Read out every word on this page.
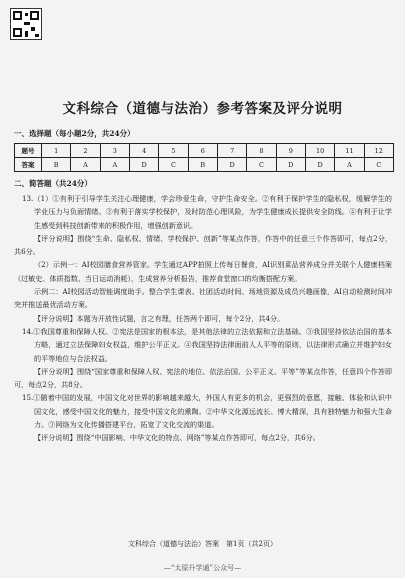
文科综合（道德与法治）参考答案及评分说明
一、选择题（每小题2分，共24分）
题号	1	2	3	4	5	6	7	8	9	10	11	12
答案	B	A	A	D	C	B	D	C	D	D	A	C
二、简答题（共24分）

13.（1）①有利于引导学生关注心理健康，学会珍爱生命，守护生命安全。②有利于保护学生的隐私权，缓解学生的学业压力与负面情绪。③有利于落实学校保护，及时防范心理风险，为学生健康成长提供安全防线。④有利于让学生感受到科技创新带来的积极作用，增强创新意识。

【评分说明】围绕“生命、隐私权、情绪、学校保护、创新”等某点作答，作答中的任意三个作答即可，每点2分，共6分。

（2）示例一：AI校园膳食营养管家。学生通过APP拍照上传每日餐食，AI识别菜品营养成分并关联个人健康档案（过敏史、体质指数、当日运动消耗），生成营养分析报告，推荐食堂窗口的均衡搭配方案。

示例二：AI校园活动智能调度助手。整合学生课表、社团活动时间、场地资源及成员兴趣画像，AI自动检测时间冲突并推送最优活动方案。

【评分说明】本题为开放性试题，言之有理，任答两个即可，每个2分，共4分。

14.①我国尊重和保障人权。②宪法是国家的根本法，是其他法律的立法依据和立法基础。③我国坚持依法治国的基本方略，通过立法保障妇女权益，维护公平正义。④我国坚持法律面前人人平等的原则，以法律形式确立并维护妇女的平等地位与合法权益。

【评分说明】围绕“国家尊重和保障人权、宪法的地位、依法治国、公平正义、平等”等某点作答，任意四个作答即可，每点2分，共8分。

15.①随着中国的发展，中国文化对世界的影响越来越大，外国人有更多的机会，更强烈的意愿，接触、体验和认识中国文化，感受中国文化的魅力，接受中国文化的熏陶。②中华文化源远流长、博大精深，具有独特魅力和强大生命力。③网络为文化传播搭建平台，拓宽了文化交流的渠道。

【评分说明】围绕“中国影响、中华文化的特点、网络”等某点作答即可，每点2分，共6分。

文科综合（道德与法治）答案　第1页（共2页）
—“太原升学通”公众号—
